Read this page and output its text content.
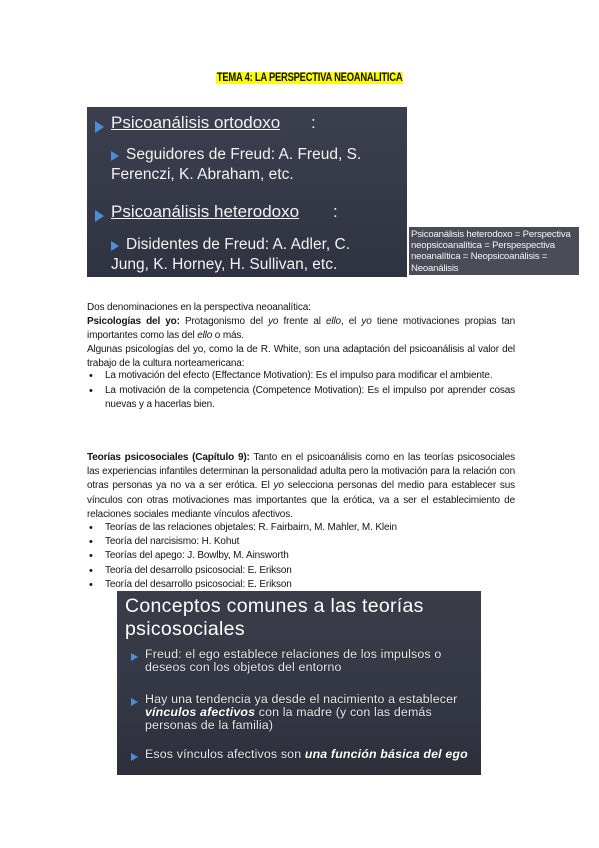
TEMA 4: LA PERSPECTIVA NEOANALITICA
Psicoanálisis ortodoxo :
Seguidores de Freud: A. Freud, S.
Ferenczi, K. Abraham, etc.
Psicoanálisis heterodoxo :
Disidentes de Freud: A. Adler, C.
Jung, K. Horney, H. Sullivan, etc.
Psicoanálisis heterodoxo = Perspectiva
neopsicoanalítica = Perspespectiva
neoanalítica = Neopsicoanálisis =
Neoanálisis
Dos denominaciones en la perspectiva neoanalítica:
Psicologías del yo: Protagonismo del yo frente al ello, el yo tiene motivaciones propias tan importantes como las del ello o más.
Algunas psicologías del yo, como la de R. White, son una adaptación del psicoanálisis al valor del trabajo de la cultura norteamericana:
• La motivación del efecto (Effectance Motivation): Es el impulso para modificar el ambiente.
• La motivación de la competencia (Competence Motivation): Es el impulso por aprender cosas nuevas y a hacerlas bien.
Teorías psicosociales (Capítulo 9): Tanto en el psicoanálisis como en las teorías psicosociales las experiencias infantiles determinan la personalidad adulta pero la motivación para la relación con otras personas ya no va a ser erótica. El yo selecciona personas del medio para establecer sus vínculos con otras motivaciones mas importantes que la erótica, va a ser el establecimiento de relaciones sociales mediante vínculos afectivos.
• Teorías de las relaciones objetales: R. Fairbairn, M. Mahler, M. Klein
• Teoría del narcisismo: H. Kohut
• Teorías del apego: J. Bowlby, M. Ainsworth
• Teoría del desarrollo psicosocial: E. Erikson
• Teoría del desarrollo psicosocial: E. Erikson
Conceptos comunes a las teorías psicosociales
Freud: el ego establece relaciones de los impulsos o deseos con los objetos del entorno
Hay una tendencia ya desde el nacimiento a establecer vínculos afectivos con la madre (y con las demás personas de la familia)
Esos vínculos afectivos son una función básica del ego
